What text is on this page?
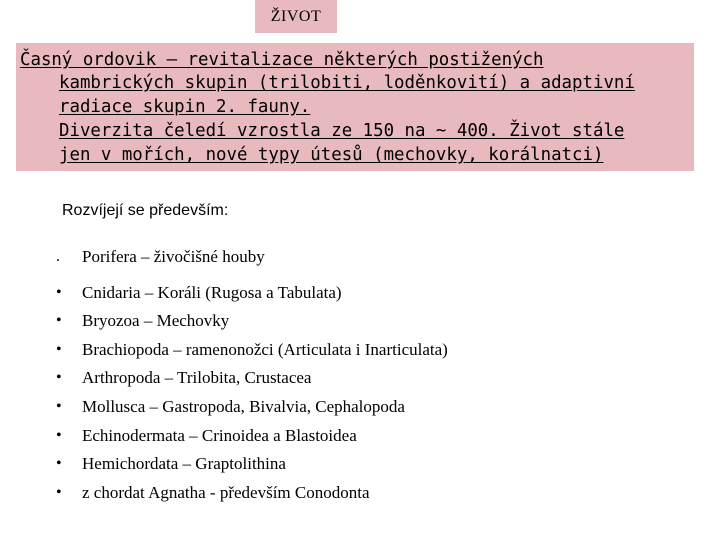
ŽIVOT
Časný ordovik – revitalizace některých postižených
kambrických skupin (trilobiti, loděnkovití) a adaptivní
radiace skupin 2. fauny.
Diverzita čeledí vzrostla ze 150 na ~ 400. Život stále
jen v mořích, nové typy útesů (mechovky, korálnatci)
Rozvíjejí se především:
. Porifera – živočišné houby
• Cnidaria – Koráli (Rugosa a Tabulata)
• Bryozoa – Mechovky
• Brachiopoda – ramenonožci (Articulata i Inarticulata)
• Arthropoda – Trilobita, Crustacea
• Mollusca – Gastropoda, Bivalvia, Cephalopoda
• Echinodermata – Crinoidea a Blastoidea
• Hemichordata – Graptolithina
• z chordat Agnatha - především Conodonta
